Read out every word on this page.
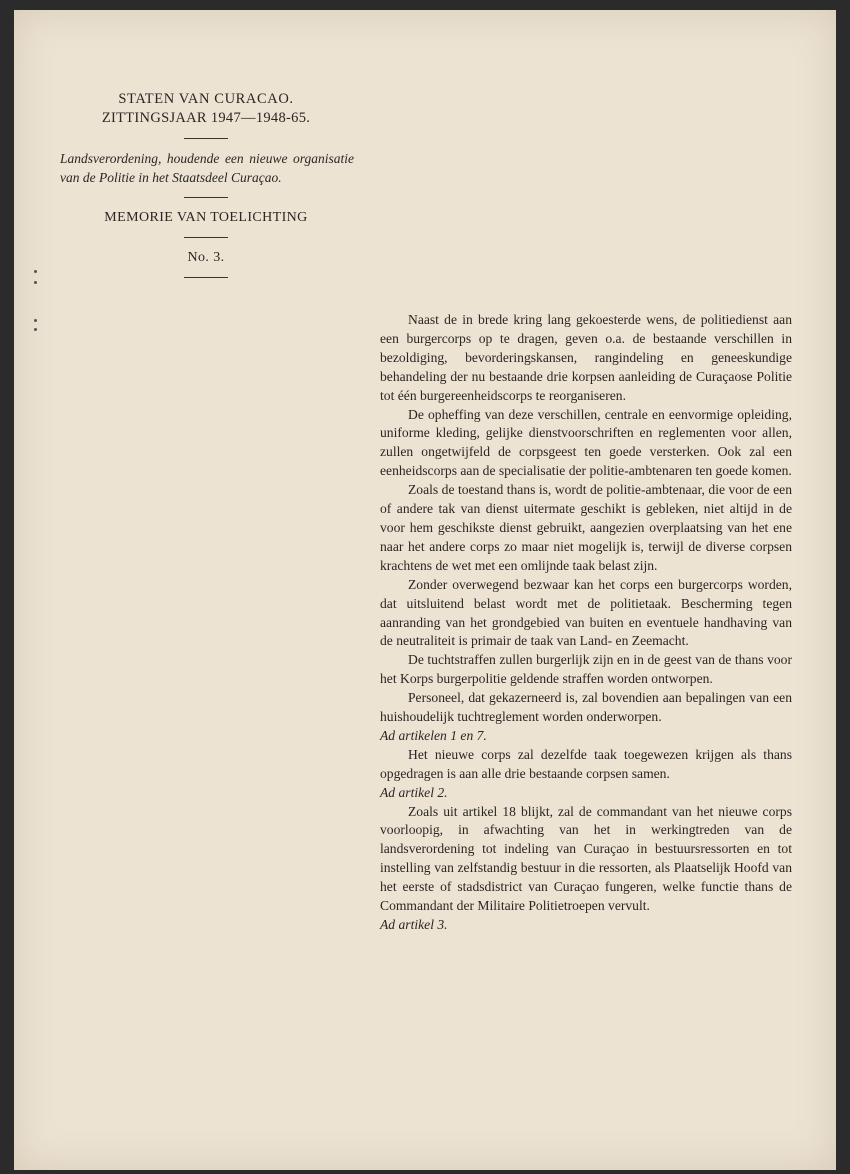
STATEN VAN CURACAO.
ZITTINGSJAAR 1947—1948-65.
Landsverordening, houdende een nieuwe organisatie van de Politie in het Staatsdeel Curaçao.
MEMORIE VAN TOELICHTING
No. 3.

Naast de in brede kring lang gekoesterde wens, de politiedienst aan een burgercorps op te dragen, geven o.a. de bestaande verschillen in bezoldiging, bevorderingskansen, rangindeling en geneeskundige behandeling der nu bestaande drie korpsen aanleiding de Curaçaose Politie tot één burgereenheidscorps te reorganiseren.

De opheffing van deze verschillen, centrale en eenvormige opleiding, uniforme kleding, gelijke dienstvoorschriften en reglementen voor allen, zullen ongetwijfeld de corpsgeest ten goede versterken. Ook zal een eenheidscorps aan de specialisatie der politie-ambtenaren ten goede komen.

Zoals de toestand thans is, wordt de politie-ambtenaar, die voor de een of andere tak van dienst uitermate geschikt is gebleken, niet altijd in de voor hem geschikste dienst gebruikt, aangezien overplaatsing van het ene naar het andere corps zo maar niet mogelijk is, terwijl de diverse corpsen krachtens de wet met een omlijnde taak belast zijn.

Zonder overwegend bezwaar kan het corps een burgercorps worden, dat uitsluitend belast wordt met de politietaak. Bescherming tegen aanranding van het grondgebied van buiten en eventuele handhaving van de neutraliteit is primair de taak van Land- en Zeemacht.

De tuchtstraffen zullen burgerlijk zijn en in de geest van de thans voor het Korps burgerpolitie geldende straffen worden ontworpen.

Personeel, dat gekazerneerd is, zal bovendien aan bepalingen van een huishoudelijk tuchtreglement worden onderworpen.

Ad artikelen 1 en 7.

Het nieuwe corps zal dezelfde taak toegewezen krijgen als thans opgedragen is aan alle drie bestaande corpsen samen.

Ad artikel 2.

Zoals uit artikel 18 blijkt, zal de commandant van het nieuwe corps voorloopig, in afwachting van het in werkingtreden van de landsverordening tot indeling van Curaçao in bestuursressorten en tot instelling van zelfstandig bestuur in die ressorten, als Plaatselijk Hoofd van het eerste of stadsdistrict van Curaçao fungeren, welke functie thans de Commandant der Militaire Politietroepen vervult.

Ad artikel 3.
